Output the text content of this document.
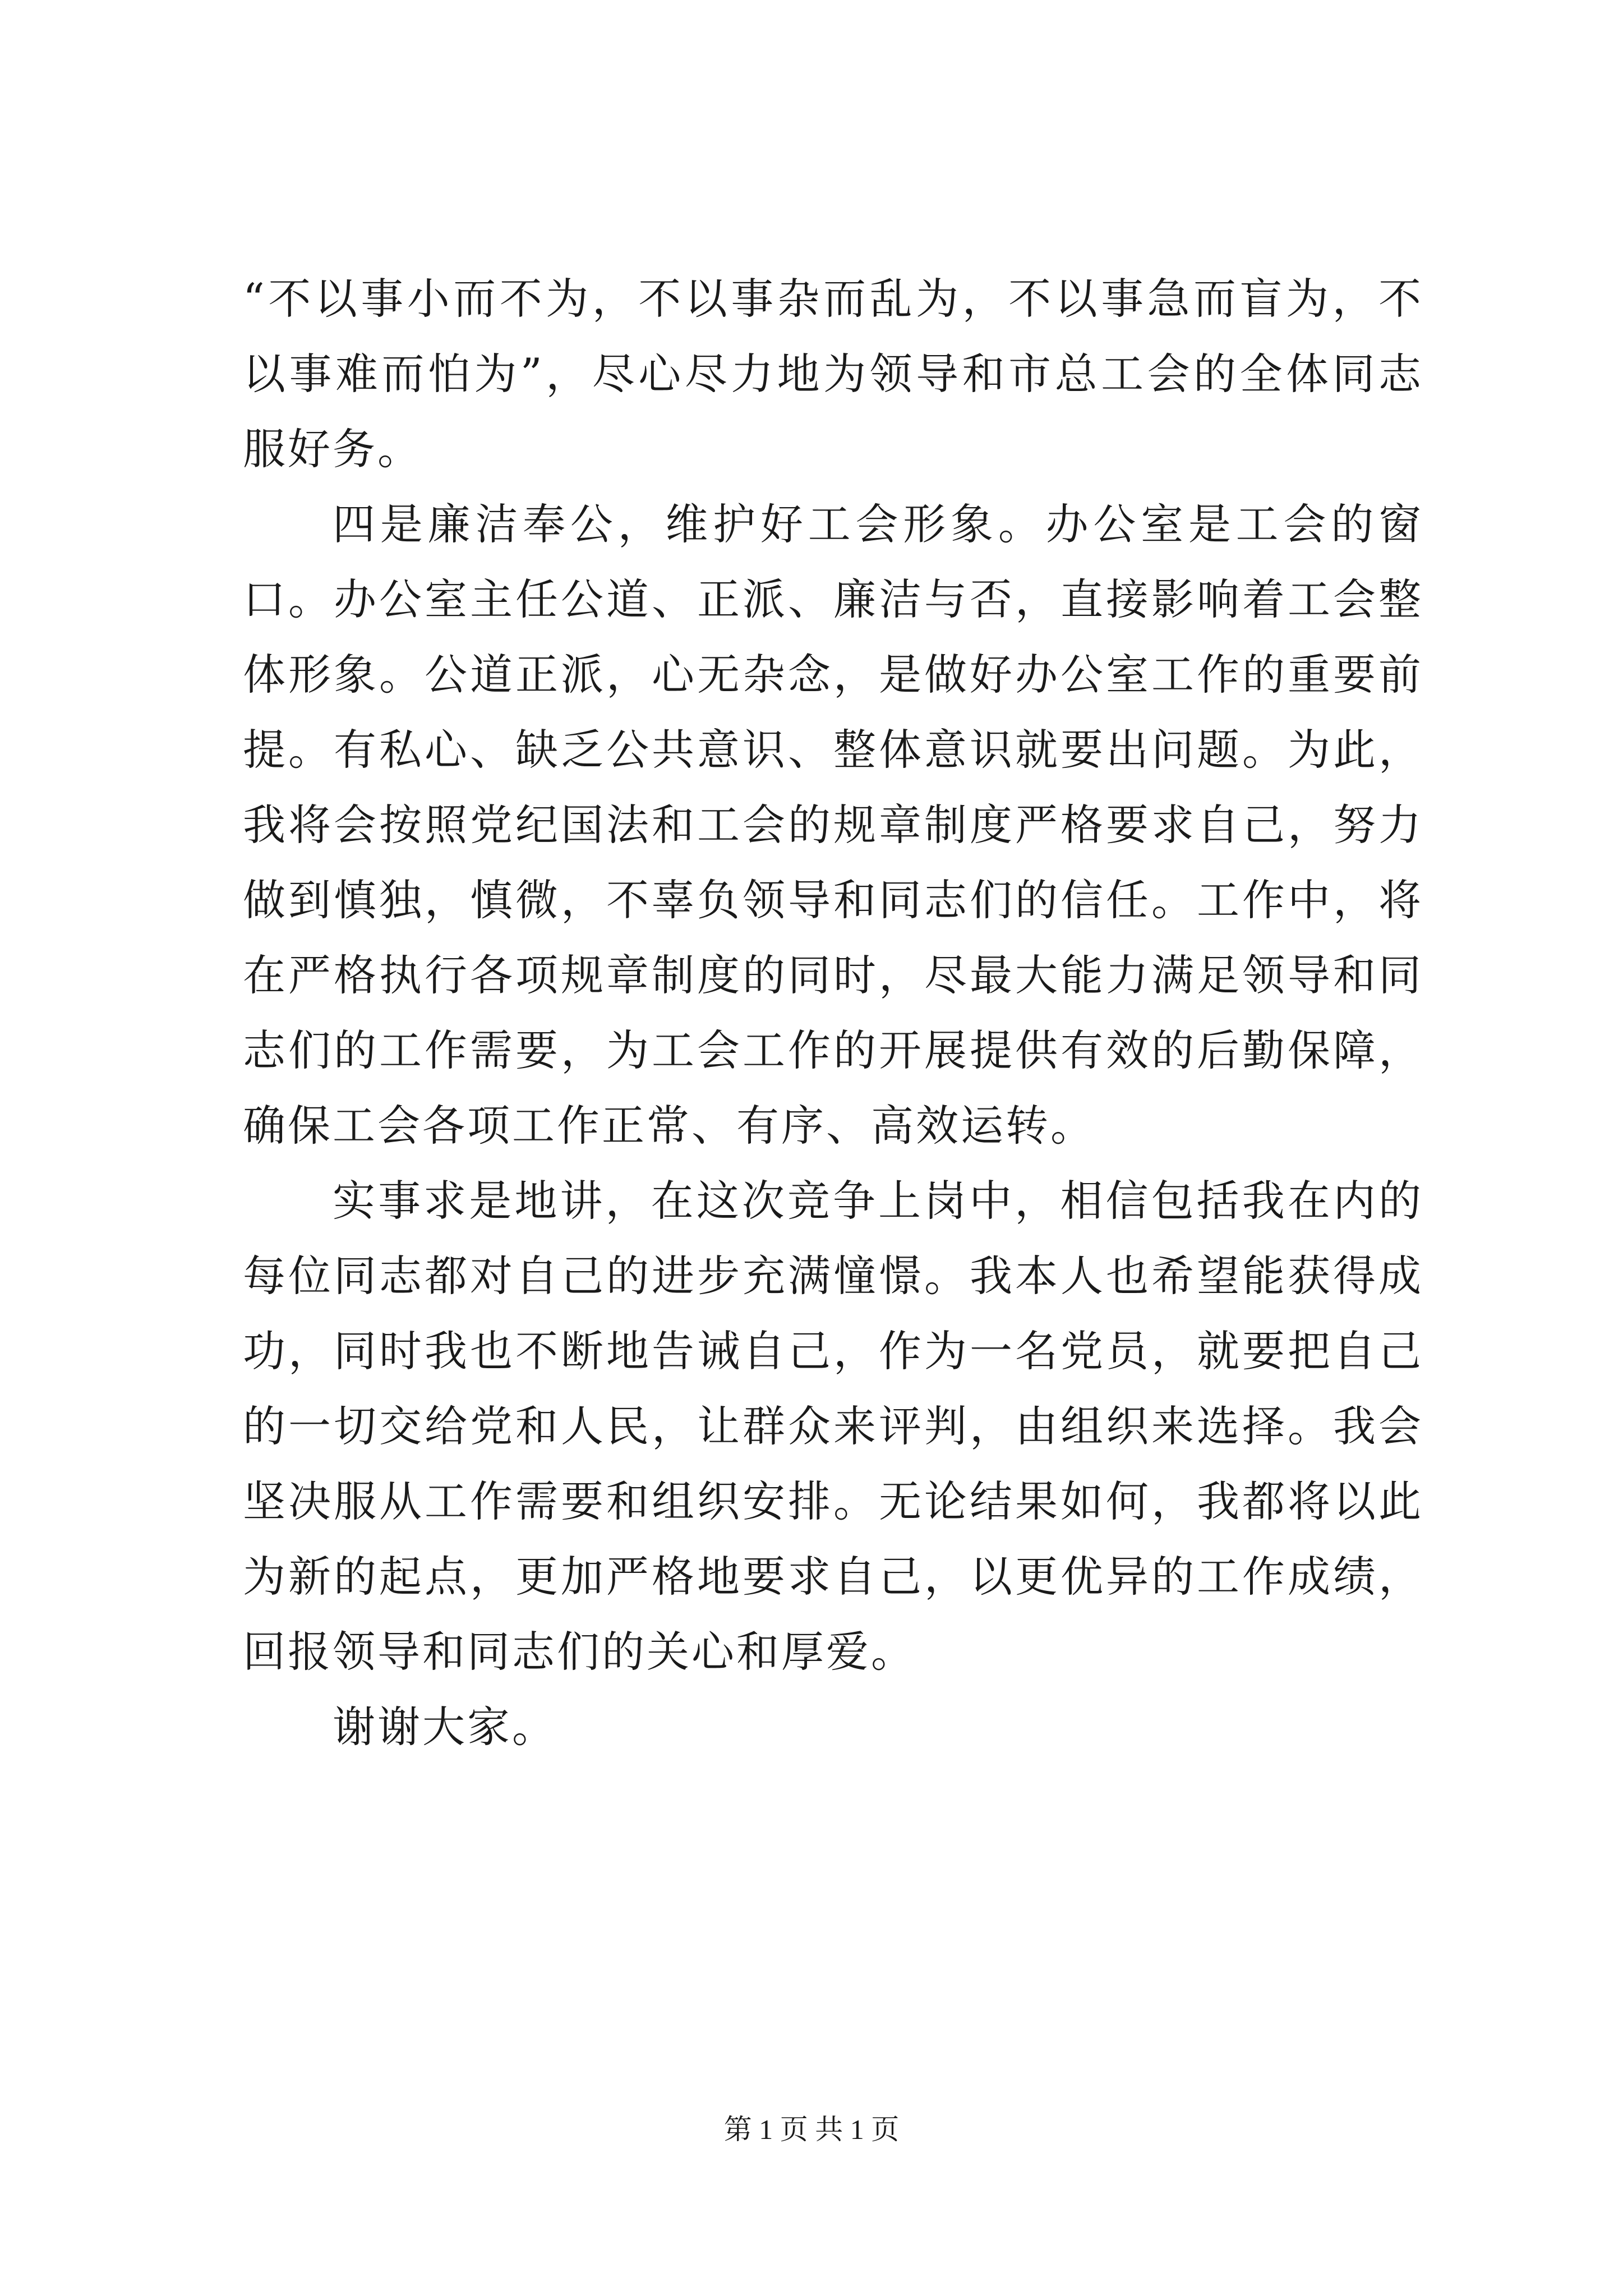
“不以事小而不为，不以事杂而乱为，不以事急而盲为，不以事难而怕为”，尽心尽力地为领导和市总工会的全体同志服好务。

四是廉洁奉公，维护好工会形象。办公室是工会的窗口。办公室主任公道、正派、廉洁与否，直接影响着工会整体形象。公道正派，心无杂念，是做好办公室工作的重要前提。有私心、缺乏公共意识、整体意识就要出问题。为此，我将会按照党纪国法和工会的规章制度严格要求自己，努力做到慎独，慎微，不辜负领导和同志们的信任。工作中，将在严格执行各项规章制度的同时，尽最大能力满足领导和同志们的工作需要，为工会工作的开展提供有效的后勤保障，确保工会各项工作正常、有序、高效运转。

实事求是地讲，在这次竞争上岗中，相信包括我在内的每位同志都对自己的进步充满憧憬。我本人也希望能获得成功，同时我也不断地告诫自己，作为一名党员，就要把自己的一切交给党和人民，让群众来评判，由组织来选择。我会坚决服从工作需要和组织安排。无论结果如何，我都将以此为新的起点，更加严格地要求自己，以更优异的工作成绩，回报领导和同志们的关心和厚爱。

谢谢大家。

第 1 页 共 1 页
